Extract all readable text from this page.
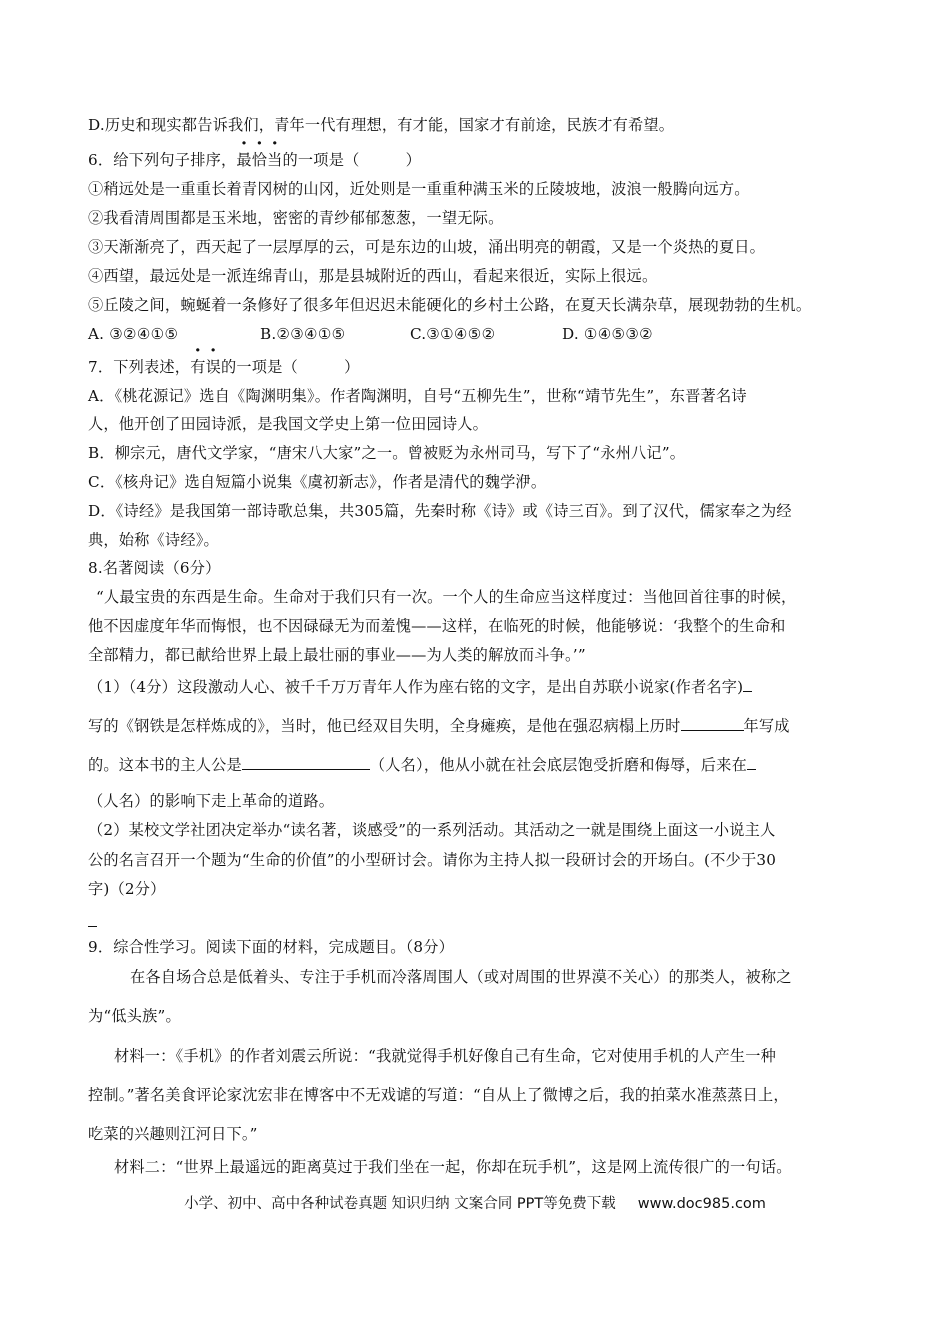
D.历史和现实都告诉我们，青年一代有理想，有才能，国家才有前途，民族才有希望。
6．给下列句子排序，最恰当的一项是（　　　）
①稍远处是一重重长着青冈树的山冈，近处则是一重重种满玉米的丘陵坡地，波浪一般腾向远方。
②我看清周围都是玉米地，密密的青纱郁郁葱葱，一望无际。
③天渐渐亮了，西天起了一层厚厚的云，可是东边的山坡，涌出明亮的朝霞，又是一个炎热的夏日。
④西望，最远处是一派连绵青山，那是县城附近的西山，看起来很近，实际上很远。
⑤丘陵之间，蜿蜒着一条修好了很多年但迟迟未能硬化的乡村土公路，在夏天长满杂草，展现勃勃的生机。
A. ③②④①⑤	B.②③④①⑤	C.③①④⑤②	D. ①④⑤③②
7．下列表述，有误的一项是（　　　）
A．《桃花源记》选自《陶渊明集》。作者陶渊明，自号“五柳先生”，世称“靖节先生”，东晋著名诗
人，他开创了田园诗派，是我国文学史上第一位田园诗人。
B．柳宗元，唐代文学家，“唐宋八大家”之一。曾被贬为永州司马，写下了“永州八记”。
C．《核舟记》选自短篇小说集《虞初新志》，作者是清代的魏学洢。
D．《诗经》是我国第一部诗歌总集，共305篇，先秦时称《诗》或《诗三百》。到了汉代，儒家奉之为经
典，始称《诗经》。
8.名著阅读（6分）
“人最宝贵的东西是生命。生命对于我们只有一次。一个人的生命应当这样度过：当他回首往事的时候，
他不因虚度年华而悔恨，也不因碌碌无为而羞愧——这样，在临死的时候，他能够说：‘我整个的生命和
全部精力，都已献给世界上最上最壮丽的事业——为人类的解放而斗争。’”
（1）（4分）这段激动人心、被千千万万青年人作为座右铭的文字，是出自苏联小说家(作者名字)
写的《钢铁是怎样炼成的》，当时，他已经双目失明，全身瘫痪，是他在强忍病榻上历时	年写成
的。这本书的主人公是	（人名），他从小就在社会底层饱受折磨和侮辱，后来在
（人名）的影响下走上革命的道路。
（2）某校文学社团决定举办“读名著，谈感受”的一系列活动。其活动之一就是围绕上面这一小说主人
公的名言召开一个题为“生命的价值”的小型研讨会。请你为主持人拟一段研讨会的开场白。(不少于30
字)（2分）
9．综合性学习。阅读下面的材料，完成题目。（8分）
在各自场合总是低着头、专注于手机而冷落周围人（或对周围的世界漠不关心）的那类人，被称之
为“低头族”。
材料一：《手机》的作者刘震云所说：“我就觉得手机好像自己有生命，它对使用手机的人产生一种
控制。”著名美食评论家沈宏非在博客中不无戏谑的写道：“自从上了微博之后，我的拍菜水准蒸蒸日上，
吃菜的兴趣则江河日下。”
材料二：“世界上最遥远的距离莫过于我们坐在一起，你却在玩手机”，这是网上流传很广的一句话。
小学、初中、高中各种试卷真题 知识归纳 文案合同 PPT等免费下载 www.doc985.com
